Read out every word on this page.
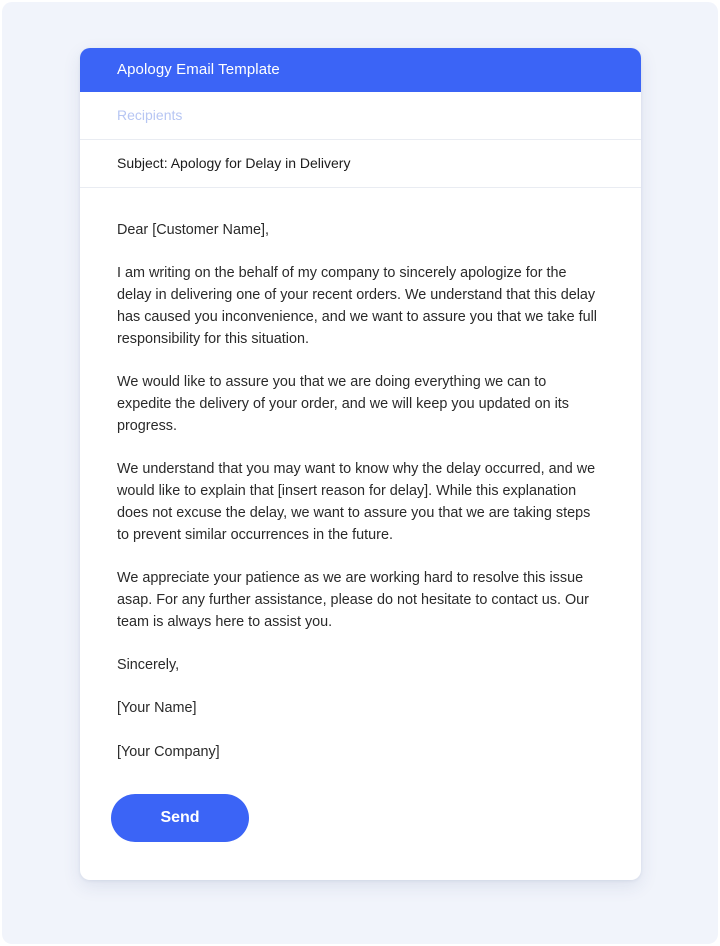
Apology Email Template
Recipients
Subject: Apology for Delay in Delivery

Dear [Customer Name],

I am writing on the behalf of my company to sincerely apologize for the delay in delivering one of your recent orders. We understand that this delay has caused you inconvenience, and we want to assure you that we take full responsibility for this situation.

We would like to assure you that we are doing everything we can to expedite the delivery of your order, and we will keep you updated on its progress.

We understand that you may want to know why the delay occurred, and we would like to explain that [insert reason for delay]. While this explanation does not excuse the delay, we want to assure you that we are taking steps to prevent similar occurrences in the future.

We appreciate your patience as we are working hard to resolve this issue asap. For any further assistance, please do not hesitate to contact us. Our team is always here to assist you.

Sincerely,

[Your Name]

[Your Company]

Send
